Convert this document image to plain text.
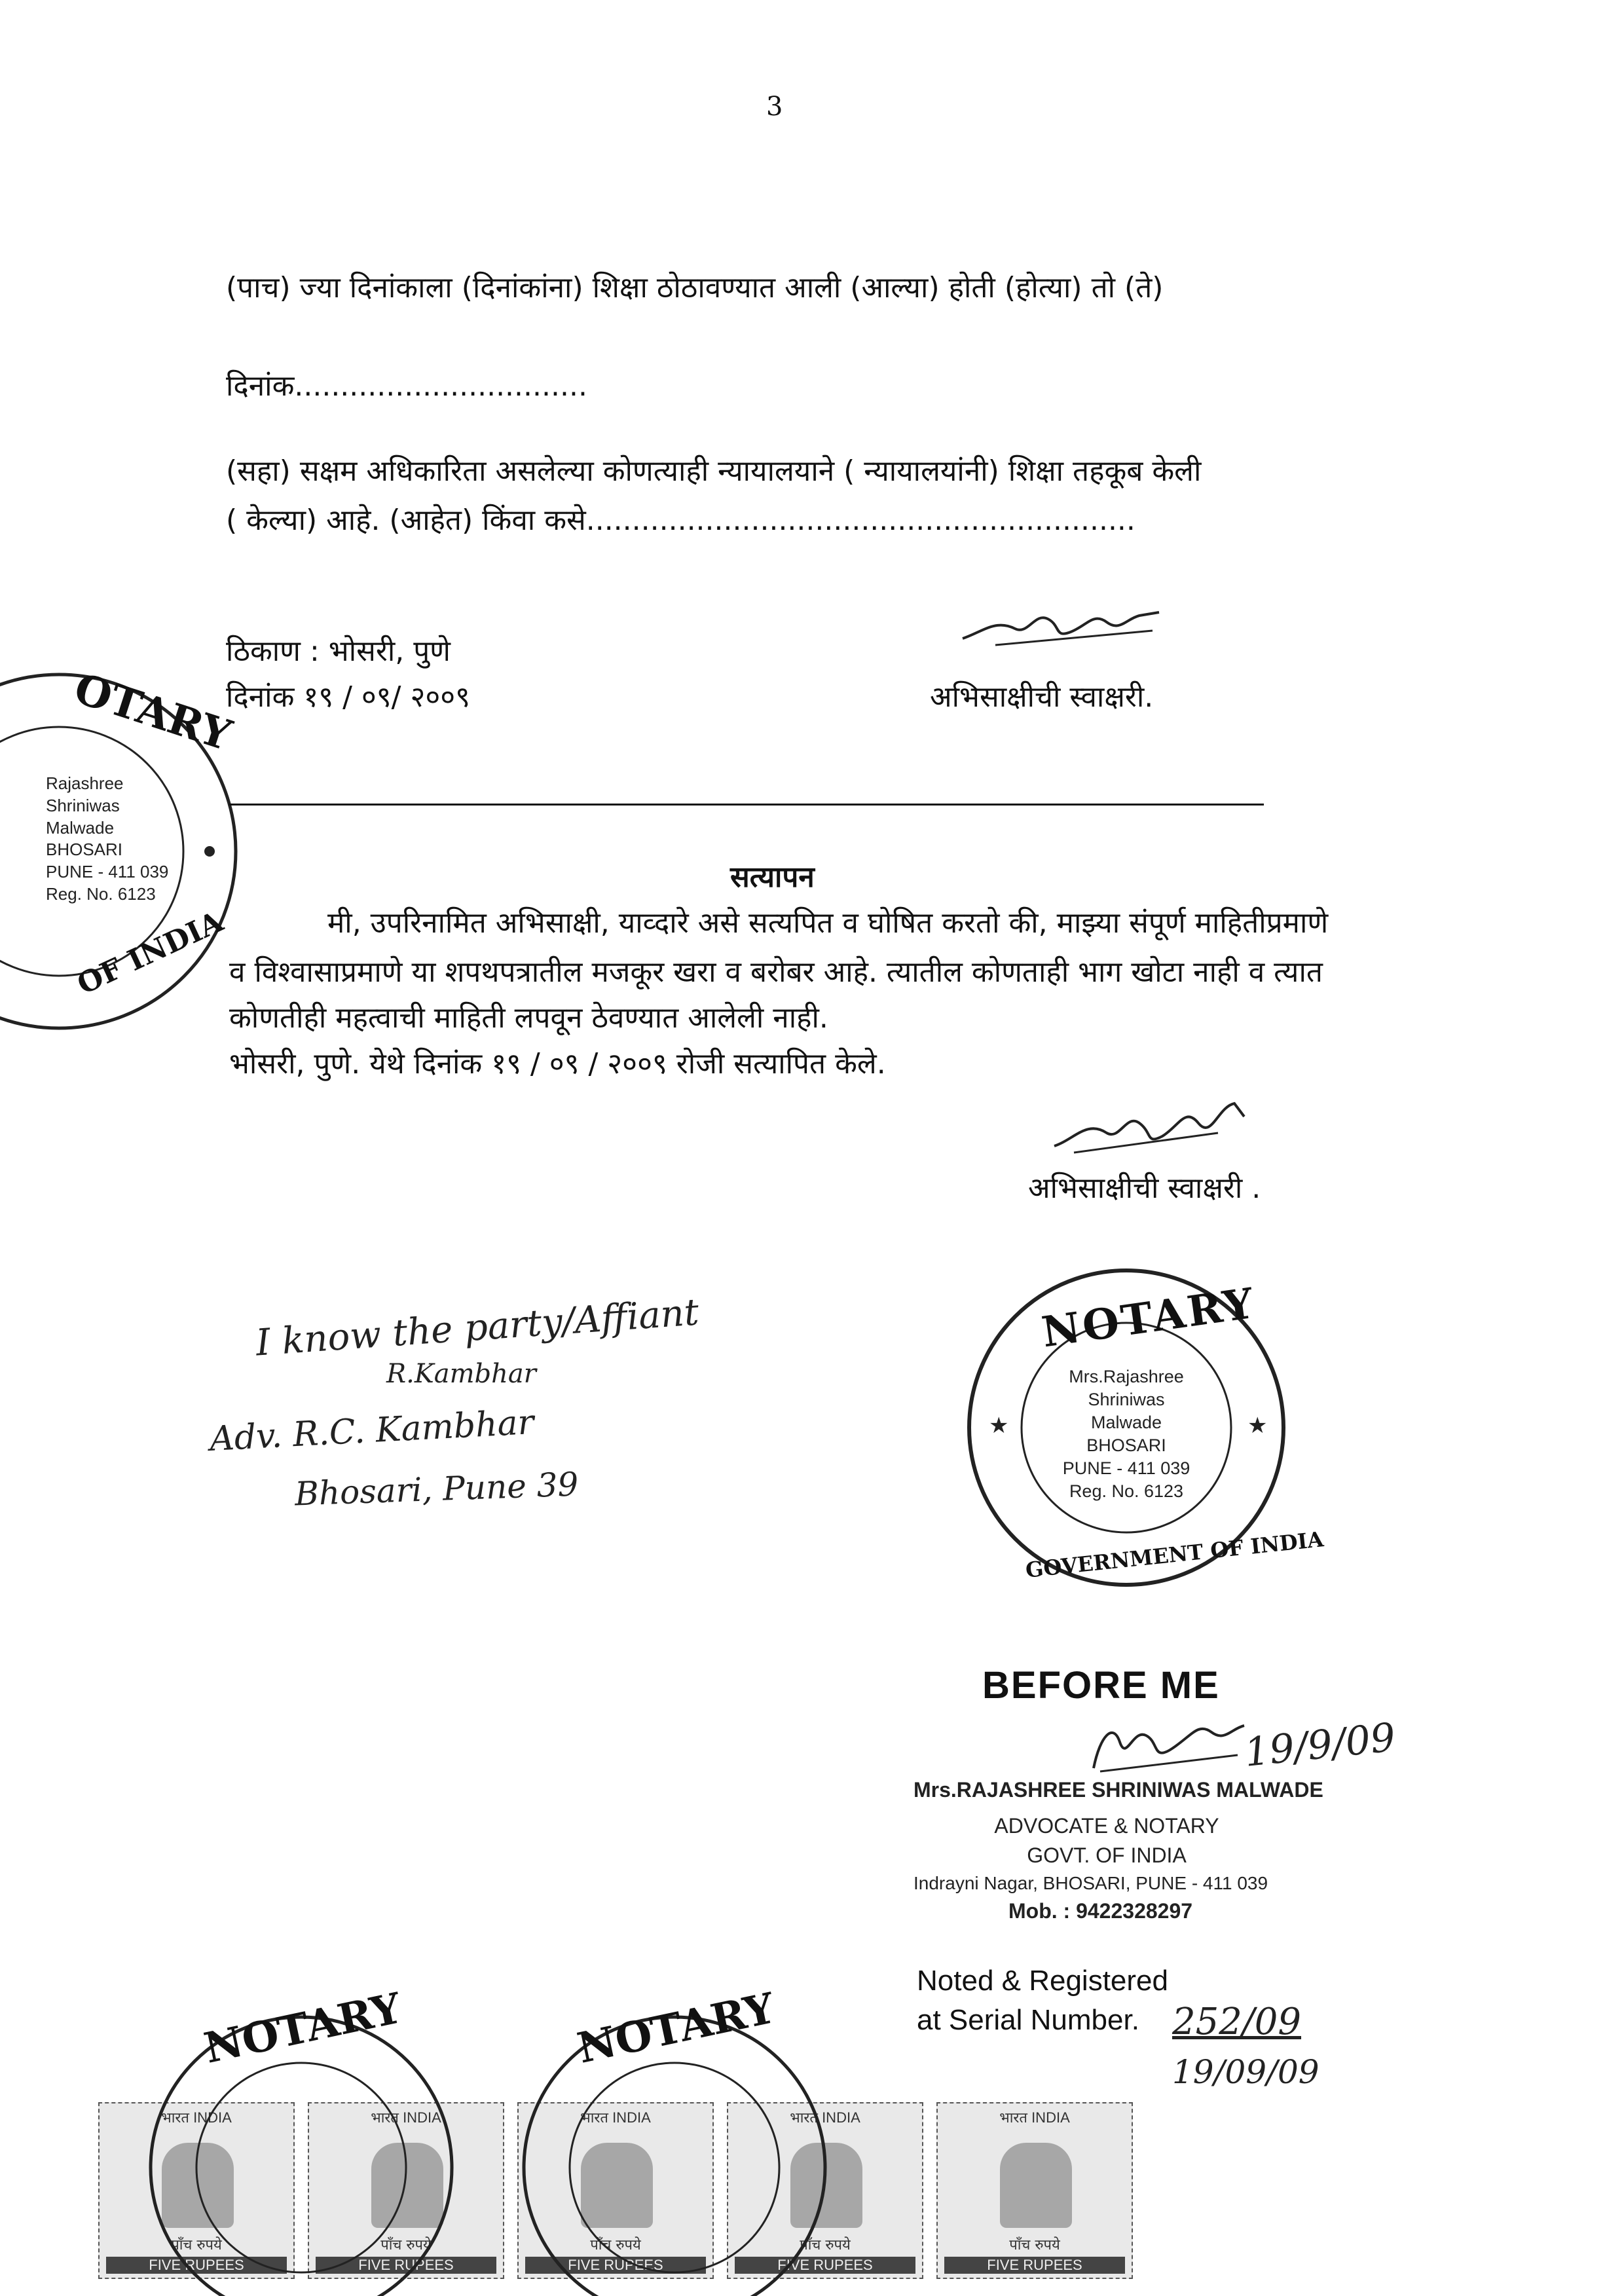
3
(पाच) ज्या दिनांकाला (दिनांकांना) शिक्षा ठोठावण्यात आली (आल्या) होती (होत्या) तो (ते)
दिनांक................................
(सहा) सक्षम अधिकारिता असलेल्या कोणत्याही न्यायालयाने ( न्यायालयांनी) शिक्षा तहकूब केली
( केल्या) आहे. (आहेत) किंवा कसे............................................................
ठिकाण : भोसरी, पुणे
दिनांक १९ / ०९/ २००९	अभिसाक्षीची स्वाक्षरी.
OTARY
Rajashree
Shriniwas
Malwade
BHOSARI
PUNE - 411 039
Reg. No. 6123
OF INDIA
सत्यापन
मी, उपरिनामित अभिसाक्षी, याव्दारे असे सत्यपित व घोषित करतो की, माझ्या संपूर्ण माहितीप्रमाणे
व विश्वासाप्रमाणे या शपथपत्रातील मजकूर खरा व बरोबर आहे. त्यातील कोणताही भाग खोटा नाही व त्यात
कोणतीही महत्वाची माहिती लपवून ठेवण्यात आलेली नाही.
भोसरी, पुणे. येथे दिनांक १९ / ०९ / २००९ रोजी सत्यापित केले.
अभिसाक्षीची स्वाक्षरी .
I know the party/Affiant
R.Kambhar
Adv. R.C. Kambhar
Bhosari, Pune 39
★	★
NOTARY
Mrs.Rajashree
Shriniwas
Malwade
BHOSARI
PUNE - 411 039
Reg. No. 6123
GOVERNMENT OF INDIA
BEFORE ME
19/9/09
Mrs.RAJASHREE SHRINIWAS MALWADE
ADVOCATE & NOTARY
GOVT. OF INDIA
Indrayni Nagar, BHOSARI, PUNE - 411 039
Mob. : 9422328297
Noted & Registered
at Serial Number. 252/09
19/09/09
भारत INDIA
पाँच रुपये
FIVE RUPEES
भारत INDIA
पाँच रुपये
FIVE RUPEES
भारत INDIA
पाँच रुपये
FIVE RUPEES
भारत INDIA
पाँच रुपये
FIVE RUPEES
भारत INDIA
पाँच रुपये
FIVE RUPEES
NOTARY	NOTARY
